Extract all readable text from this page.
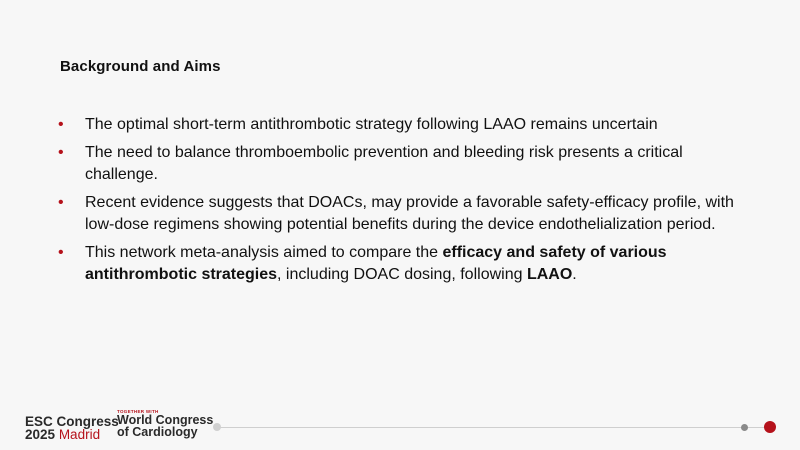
Background and Aims
• The optimal short-term antithrombotic strategy following LAAO remains uncertain
• The need to balance thromboembolic prevention and bleeding risk presents a critical challenge.
• Recent evidence suggests that DOACs, may provide a favorable safety-efficacy profile, with low-dose regimens showing potential benefits during the device endothelialization period.
• This network meta-analysis aimed to compare the efficacy and safety of various antithrombotic strategies, including DOAC dosing, following LAAO.
ESC Congress
2025 Madrid
TOGETHER WITH
World Congress
of Cardiology
